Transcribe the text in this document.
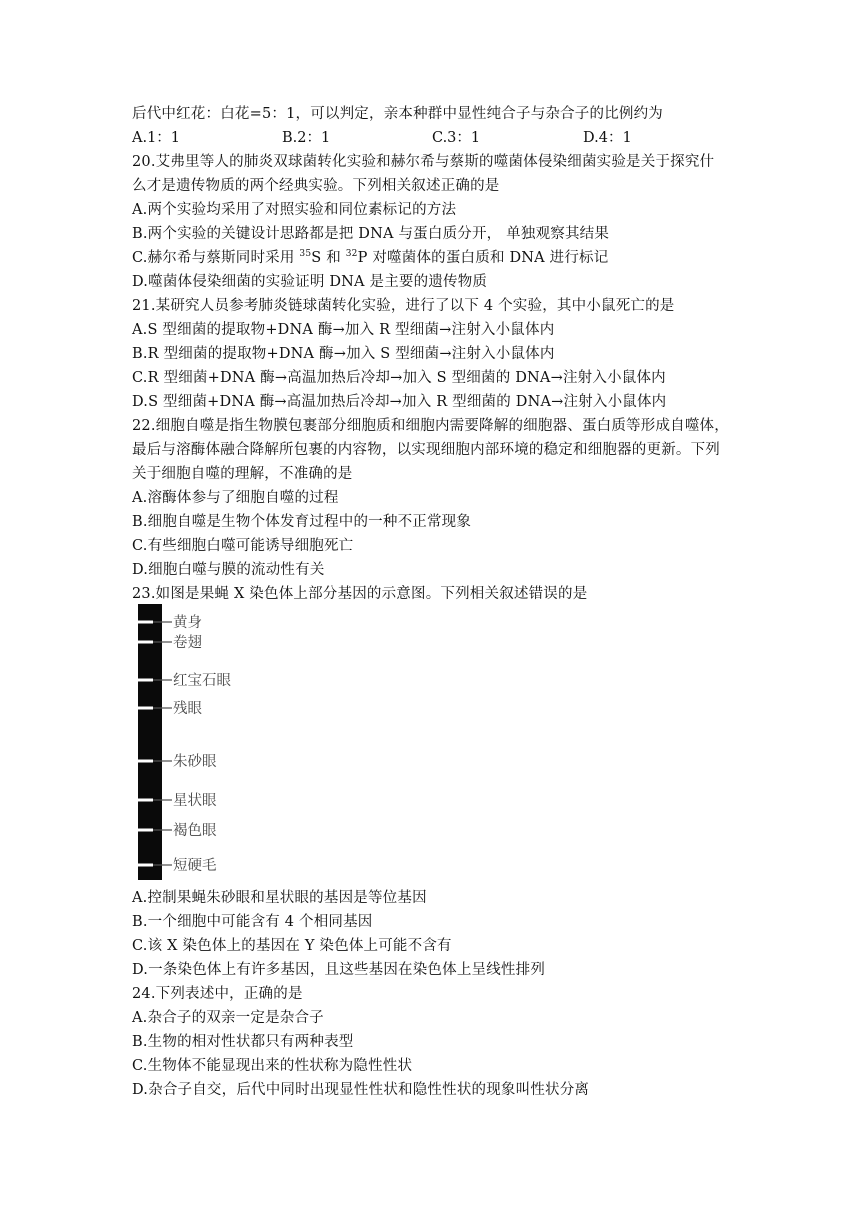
后代中红花：白花=5：1，可以判定，亲本种群中显性纯合子与杂合子的比例约为
A.1：1	B.2：1	C.3：1	D.4：1
20.艾弗里等人的肺炎双球菌转化实验和赫尔希与蔡斯的噬菌体侵染细菌实验是关于探究什
么才是遗传物质的两个经典实验。下列相关叙述正确的是
A.两个实验均采用了对照实验和同位素标记的方法
B.两个实验的关键设计思路都是把 DNA 与蛋白质分开， 单独观察其结果
C.赫尔希与蔡斯同时采用 $^{35}$S 和 $^{32}$P 对噬菌体的蛋白质和 DNA 进行标记
D.噬菌体侵染细菌的实验证明 DNA 是主要的遗传物质
21.某研究人员参考肺炎链球菌转化实验，进行了以下 4 个实验，其中小鼠死亡的是
A.S 型细菌的提取物+DNA 酶→加入 R 型细菌→注射入小鼠体内
B.R 型细菌的提取物+DNA 酶→加入 S 型细菌→注射入小鼠体内
C.R 型细菌+DNA 酶→高温加热后冷却→加入 S 型细菌的 DNA→注射入小鼠体内
D.S 型细菌+DNA 酶→高温加热后冷却→加入 R 型细菌的 DNA→注射入小鼠体内
22.细胞自噬是指生物膜包裹部分细胞质和细胞内需要降解的细胞器、蛋白质等形成自噬体，
最后与溶酶体融合降解所包裹的内容物，以实现细胞内部环境的稳定和细胞器的更新。下列
关于细胞自噬的理解，不准确的是
A.溶酶体参与了细胞自噬的过程
B.细胞自噬是生物个体发育过程中的一种不正常现象
C.有些细胞白噬可能诱导细胞死亡
D.细胞白噬与膜的流动性有关
23.如图是果蝇 X 染色体上部分基因的示意图。下列相关叙述错误的是
黄身
卷翅
红宝石眼
残眼
朱砂眼
星状眼
褐色眼
短硬毛
A.控制果蝇朱砂眼和星状眼的基因是等位基因
B.一个细胞中可能含有 4 个相同基因
C.该 X 染色体上的基因在 Y 染色体上可能不含有
D.一条染色体上有许多基因，且这些基因在染色体上呈线性排列
24.下列表述中，正确的是
A.杂合子的双亲一定是杂合子
B.生物的相对性状都只有两种表型
C.生物体不能显现出来的性状称为隐性性状
D.杂合子自交，后代中同时出现显性性状和隐性性状的现象叫性状分离
